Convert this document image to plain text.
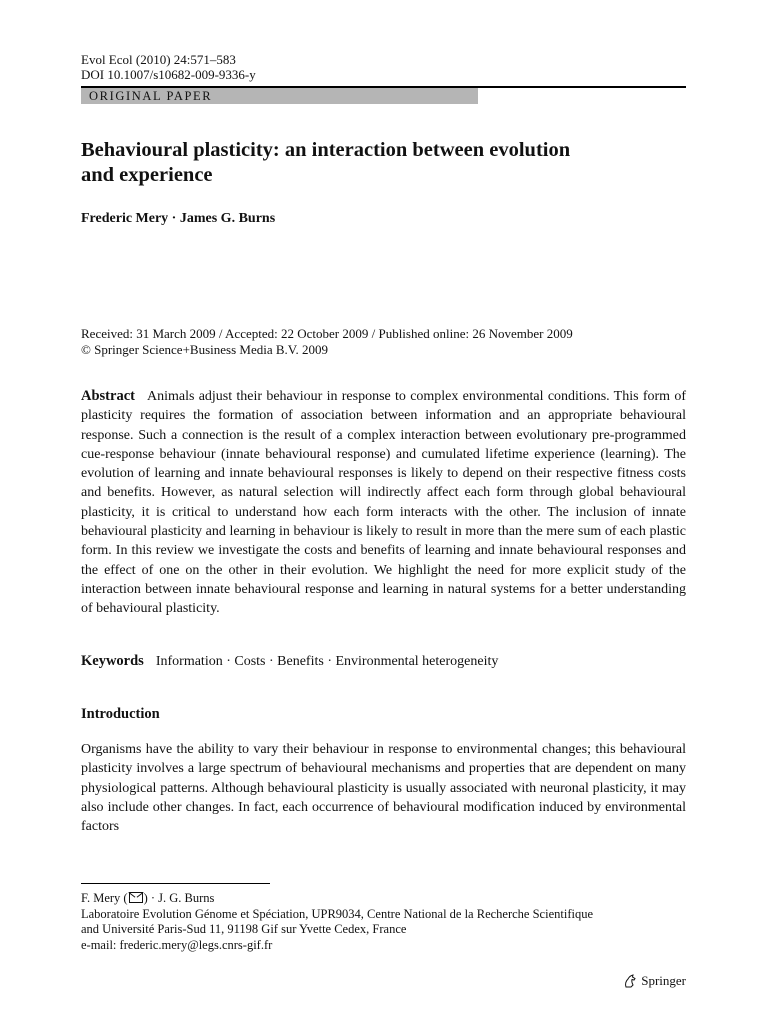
Evol Ecol (2010) 24:571–583
DOI 10.1007/s10682-009-9336-y
ORIGINAL PAPER
Behavioural plasticity: an interaction between evolution
and experience
Frederic Mery · James G. Burns
Received: 31 March 2009 / Accepted: 22 October 2009 / Published online: 26 November 2009
© Springer Science+Business Media B.V. 2009
Abstract Animals adjust their behaviour in response to complex environmental conditions. This form of plasticity requires the formation of association between information and an appropriate behavioural response. Such a connection is the result of a complex interaction between evolutionary pre-programmed cue-response behaviour (innate behavioural response) and cumulated lifetime experience (learning). The evolution of learning and innate behavioural responses is likely to depend on their respective fitness costs and benefits. However, as natural selection will indirectly affect each form through global behavioural plasticity, it is critical to understand how each form interacts with the other. The inclusion of innate behavioural plasticity and learning in behaviour is likely to result in more than the mere sum of each plastic form. In this review we investigate the costs and benefits of learning and innate behavioural responses and the effect of one on the other in their evolution. We highlight the need for more explicit study of the interaction between innate behavioural response and learning in natural systems for a better understanding of behavioural plasticity.
Keywords Information · Costs · Benefits · Environmental heterogeneity
Introduction
Organisms have the ability to vary their behaviour in response to environmental changes; this behavioural plasticity involves a large spectrum of behavioural mechanisms and properties that are dependent on many physiological patterns. Although behavioural plasticity is usually associated with neuronal plasticity, it may also include other changes. In fact, each occurrence of behavioural modification induced by environmental factors
F. Mery ( ) · J. G. Burns
Laboratoire Evolution Génome et Spéciation, UPR9034, Centre National de la Recherche Scientifique
and Université Paris-Sud 11, 91198 Gif sur Yvette Cedex, France
e-mail: frederic.mery@legs.cnrs-gif.fr
Springer
